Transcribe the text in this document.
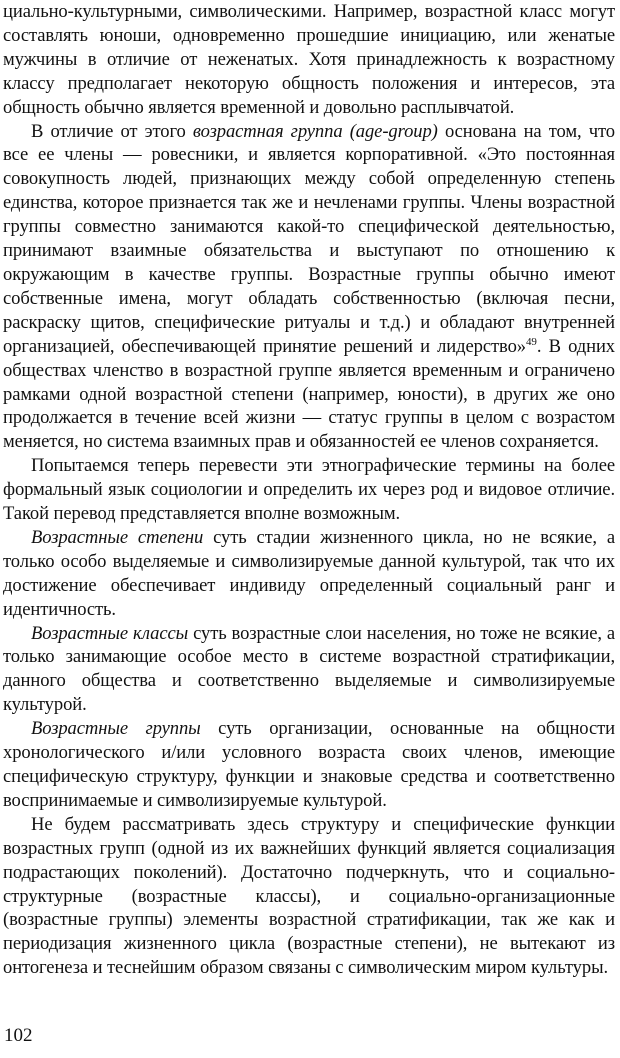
циально-культурными, символическими. Например, возрастной класс могут составлять юноши, одновременно прошедшие инициацию, или женатые мужчины в отличие от неженатых. Хотя принадлежность к возрастному классу предполагает некоторую общность положения и интересов, эта общность обычно является временной и довольно расплывчатой.

В отличие от этого возрастная группа (age-group) основана на том, что все ее члены — ровесники, и является корпоративной. «Это постоянная совокупность людей, признающих между собой определенную степень единства, которое признается так же и нечленами группы. Члены возрастной группы совместно занимаются какой-то специфической деятельностью, принимают взаимные обязательства и выступают по отношению к окружающим в качестве группы. Возрастные группы обычно имеют собственные имена, могут обладать собственностью (включая песни, раскраску щитов, специфические ритуалы и т.д.) и обладают внутренней организацией, обеспечивающей принятие решений и лидерство»$^{49}$. В одних обществах членство в возрастной группе является временным и ограничено рамками одной возрастной степени (например, юности), в других же оно продолжается в течение всей жизни — статус группы в целом с возрастом меняется, но система взаимных прав и обязанностей ее членов сохраняется.

Попытаемся теперь перевести эти этнографические термины на более формальный язык социологии и определить их через род и видовое отличие. Такой перевод представляется вполне возможным.

Возрастные степени суть стадии жизненного цикла, но не всякие, а только особо выделяемые и символизируемые данной культурой, так что их достижение обеспечивает индивиду определенный социальный ранг и идентичность.

Возрастные классы суть возрастные слои населения, но тоже не всякие, а только занимающие особое место в системе возрастной стратификации, данного общества и соответственно выделяемые и символизируемые культурой.

Возрастные группы суть организации, основанные на общности хронологического и/или условного возраста своих членов, имеющие специфическую структуру, функции и знаковые средства и соответственно воспринимаемые и символизируемые культурой.

Не будем рассматривать здесь структуру и специфические функции возрастных групп (одной из их важнейших функций является социализация подрастающих поколений). Достаточно подчеркнуть, что и социально-структурные (возрастные классы), и социально-организационные (возрастные группы) элементы возрастной стратификации, так же как и периодизация жизненного цикла (возрастные степени), не вытекают из онтогенеза и теснейшим образом связаны с символическим миром культуры.

102
